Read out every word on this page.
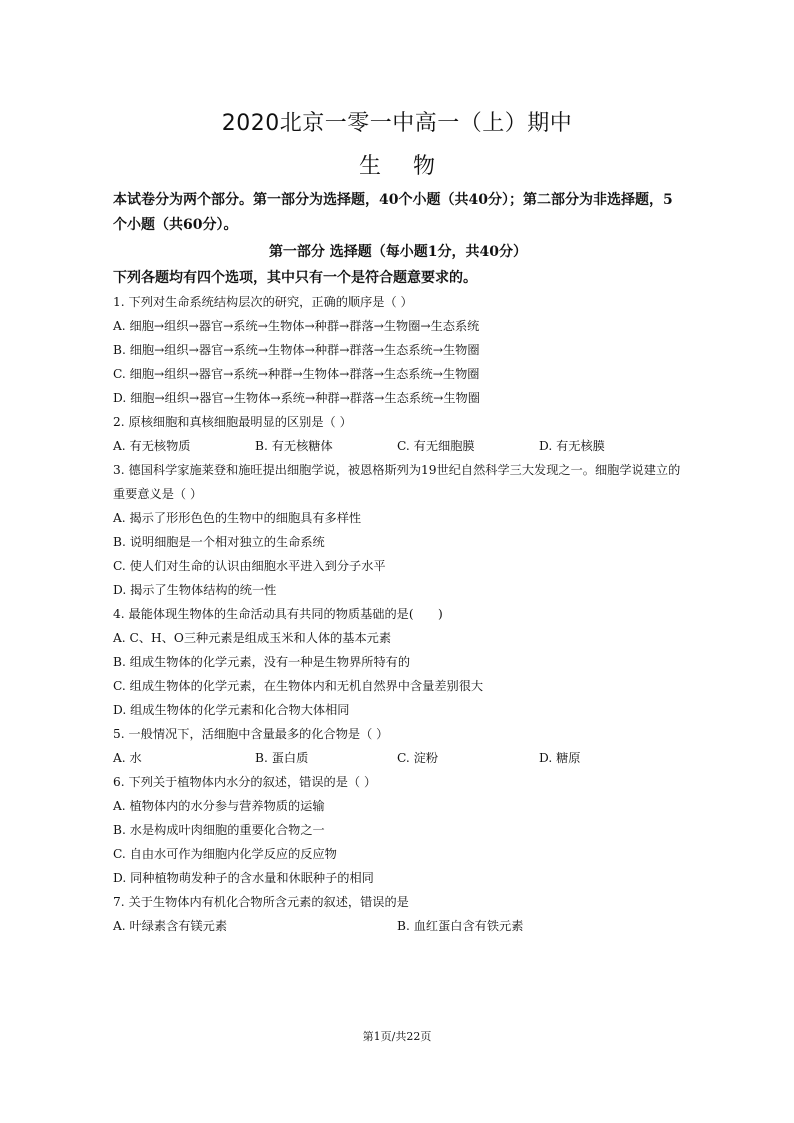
2020北京一零一中高一（上）期中
生物

本试卷分为两个部分。第一部分为选择题，40个小题（共40分）；第二部分为非选择题，5个小题（共60分）。

第一部分 选择题（每小题1分，共40分）

下列各题均有四个选项，其中只有一个是符合题意要求的。

1. 下列对生命系统结构层次的研究，正确的顺序是（ ）
A. 细胞→组织→器官→系统→生物体→种群→群落→生物圈→生态系统
B. 细胞→组织→器官→系统→生物体→种群→群落→生态系统→生物圈
C. 细胞→组织→器官→系统→种群→生物体→群落→生态系统→生物圈
D. 细胞→组织→器官→生物体→系统→种群→群落→生态系统→生物圈
2. 原核细胞和真核细胞最明显的区别是（ ）
A. 有无核物质	B. 有无核糖体	C. 有无细胞膜	D. 有无核膜
3. 德国科学家施莱登和施旺提出细胞学说，被恩格斯列为19世纪自然科学三大发现之一。细胞学说建立的重要意义是（ ）
A. 揭示了形形色色的生物中的细胞具有多样性
B. 说明细胞是一个相对独立的生命系统
C. 使人们对生命的认识由细胞水平进入到分子水平
D. 揭示了生物体结构的统一性
4. 最能体现生物体的生命活动具有共同的物质基础的是(　　)
A. C、H、O三种元素是组成玉米和人体的基本元素
B. 组成生物体的化学元素，没有一种是生物界所特有的
C. 组成生物体的化学元素，在生物体内和无机自然界中含量差别很大
D. 组成生物体的化学元素和化合物大体相同
5. 一般情况下，活细胞中含量最多的化合物是（ ）
A. 水	B. 蛋白质	C. 淀粉	D. 糖原
6. 下列关于植物体内水分的叙述，错误的是（ ）
A. 植物体内的水分参与营养物质的运输
B. 水是构成叶肉细胞的重要化合物之一
C. 自由水可作为细胞内化学反应的反应物
D. 同种植物萌发种子的含水量和休眠种子的相同
7. 关于生物体内有机化合物所含元素的叙述，错误的是
A. 叶绿素含有镁元素	B. 血红蛋白含有铁元素
第1页/共22页
